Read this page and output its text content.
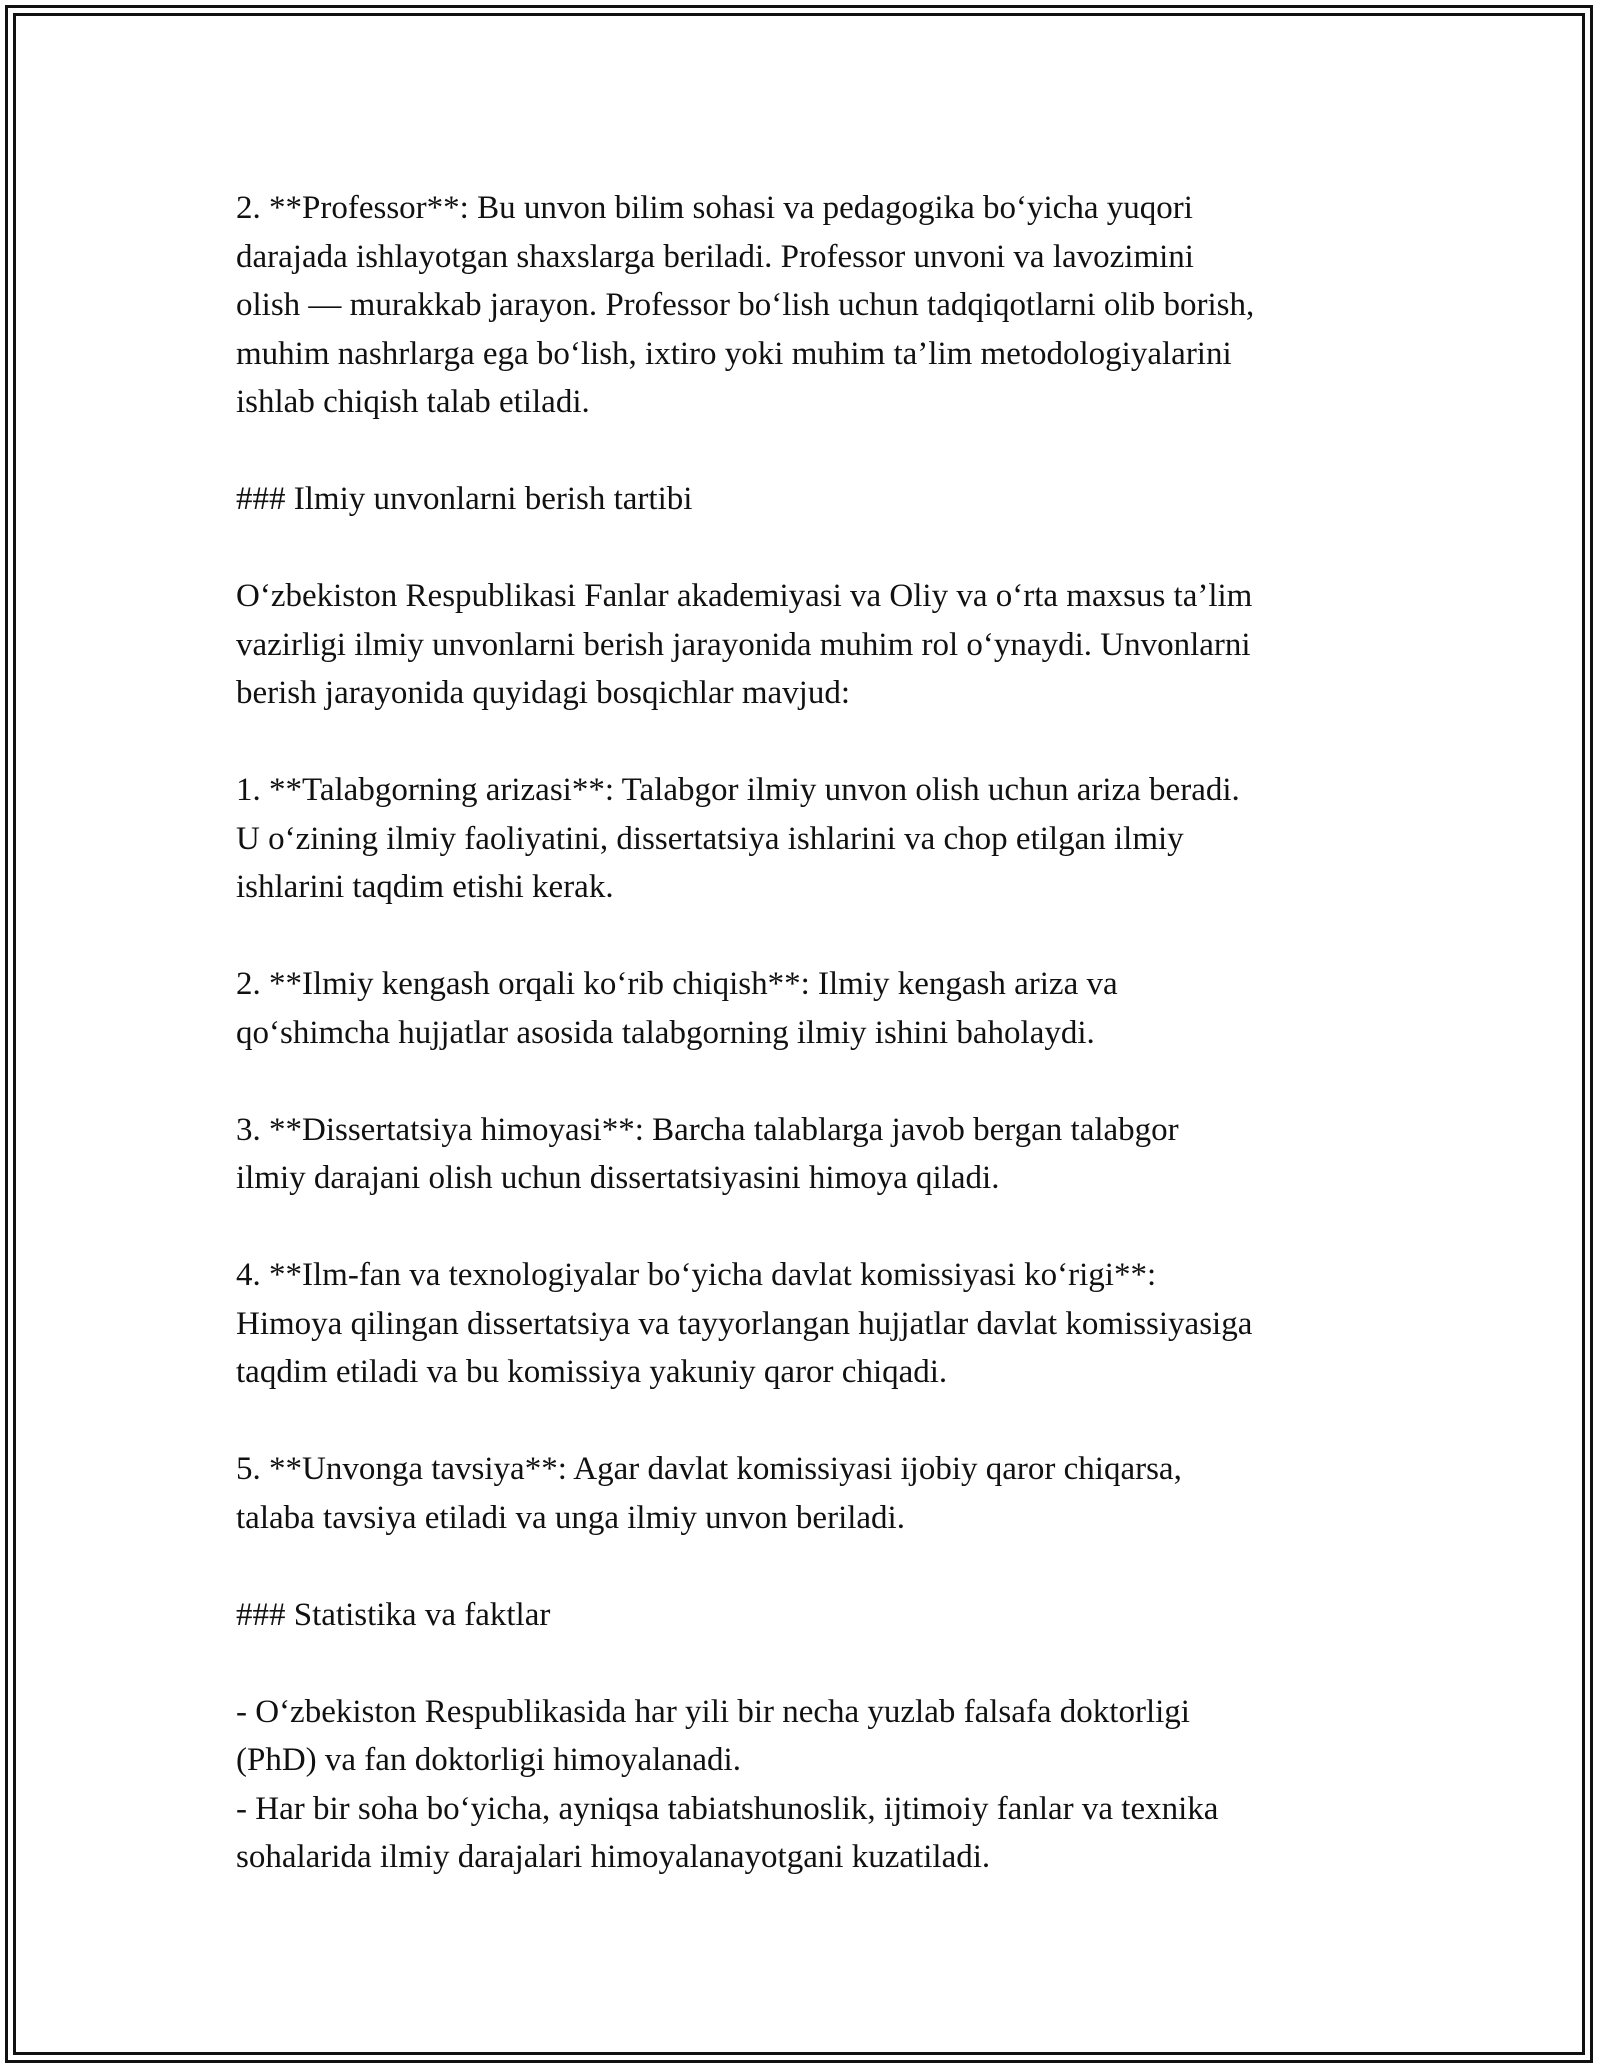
2. **Professor**: Bu unvon bilim sohasi va pedagogika bo‘yicha yuqori
darajada ishlayotgan shaxslarga beriladi. Professor unvoni va lavozimini
olish — murakkab jarayon. Professor bo‘lish uchun tadqiqotlarni olib borish,
muhim nashrlarga ega bo‘lish, ixtiro yoki muhim ta’lim metodologiyalarini
ishlab chiqish talab etiladi.
### Ilmiy unvonlarni berish tartibi
O‘zbekiston Respublikasi Fanlar akademiyasi va Oliy va o‘rta maxsus ta’lim
vazirligi ilmiy unvonlarni berish jarayonida muhim rol o‘ynaydi. Unvonlarni
berish jarayonida quyidagi bosqichlar mavjud:
1. **Talabgorning arizasi**: Talabgor ilmiy unvon olish uchun ariza beradi.
U o‘zining ilmiy faoliyatini, dissertatsiya ishlarini va chop etilgan ilmiy
ishlarini taqdim etishi kerak.
2. **Ilmiy kengash orqali ko‘rib chiqish**: Ilmiy kengash ariza va
qo‘shimcha hujjatlar asosida talabgorning ilmiy ishini baholaydi.
3. **Dissertatsiya himoyasi**: Barcha talablarga javob bergan talabgor
ilmiy darajani olish uchun dissertatsiyasini himoya qiladi.
4. **Ilm-fan va texnologiyalar bo‘yicha davlat komissiyasi ko‘rigi**:
Himoya qilingan dissertatsiya va tayyorlangan hujjatlar davlat komissiyasiga
taqdim etiladi va bu komissiya yakuniy qaror chiqadi.
5. **Unvonga tavsiya**: Agar davlat komissiyasi ijobiy qaror chiqarsa,
talaba tavsiya etiladi va unga ilmiy unvon beriladi.
### Statistika va faktlar
- O‘zbekiston Respublikasida har yili bir necha yuzlab falsafa doktorligi
(PhD) va fan doktorligi himoyalanadi.
- Har bir soha bo‘yicha, ayniqsa tabiatshunoslik, ijtimoiy fanlar va texnika
sohalarida ilmiy darajalari himoyalanayotgani kuzatiladi.
